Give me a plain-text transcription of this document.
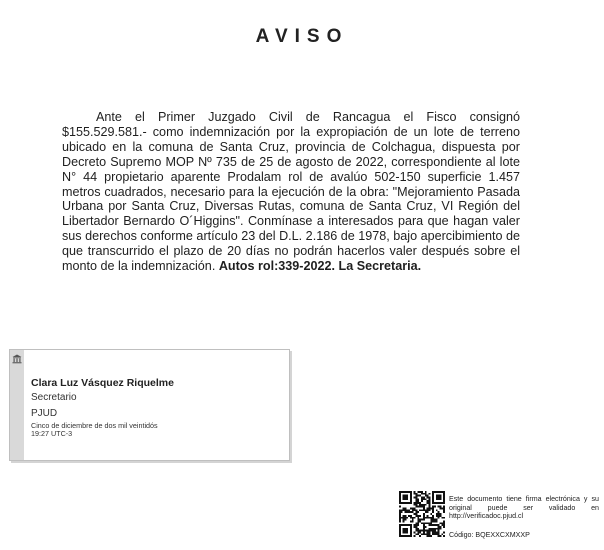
AVISO
Ante el Primer Juzgado Civil de Rancagua el Fisco consignó $155.529.581.- como indemnización por la expropiación de un lote de terreno ubicado en la comuna de Santa Cruz, provincia de Colchagua, dispuesta por Decreto Supremo MOP Nº 735 de 25 de agosto de 2022, correspondiente al lote N° 44 propietario aparente Prodalam rol de avalúo 502-150 superficie 1.457 metros cuadrados, necesario para la ejecución de la obra: "Mejoramiento Pasada Urbana por Santa Cruz, Diversas Rutas, comuna de Santa Cruz, VI Región del Libertador Bernardo O´Higgins". Conmínase a interesados para que hagan valer sus derechos conforme artículo 23 del D.L. 2.186 de 1978, bajo apercibimiento de que transcurrido el plazo de 20 días no podrán hacerlos valer después sobre el monto de la indemnización. Autos rol:339-2022. La Secretaria.
Clara Luz Vásquez Riquelme
Secretario
PJUD
Cinco de diciembre de dos mil veintidós
19:27 UTC-3
Este documento tiene firma electrónica y su original puede ser validado en http://verificadoc.pjud.cl
Código: BQEXXCXMXXP
